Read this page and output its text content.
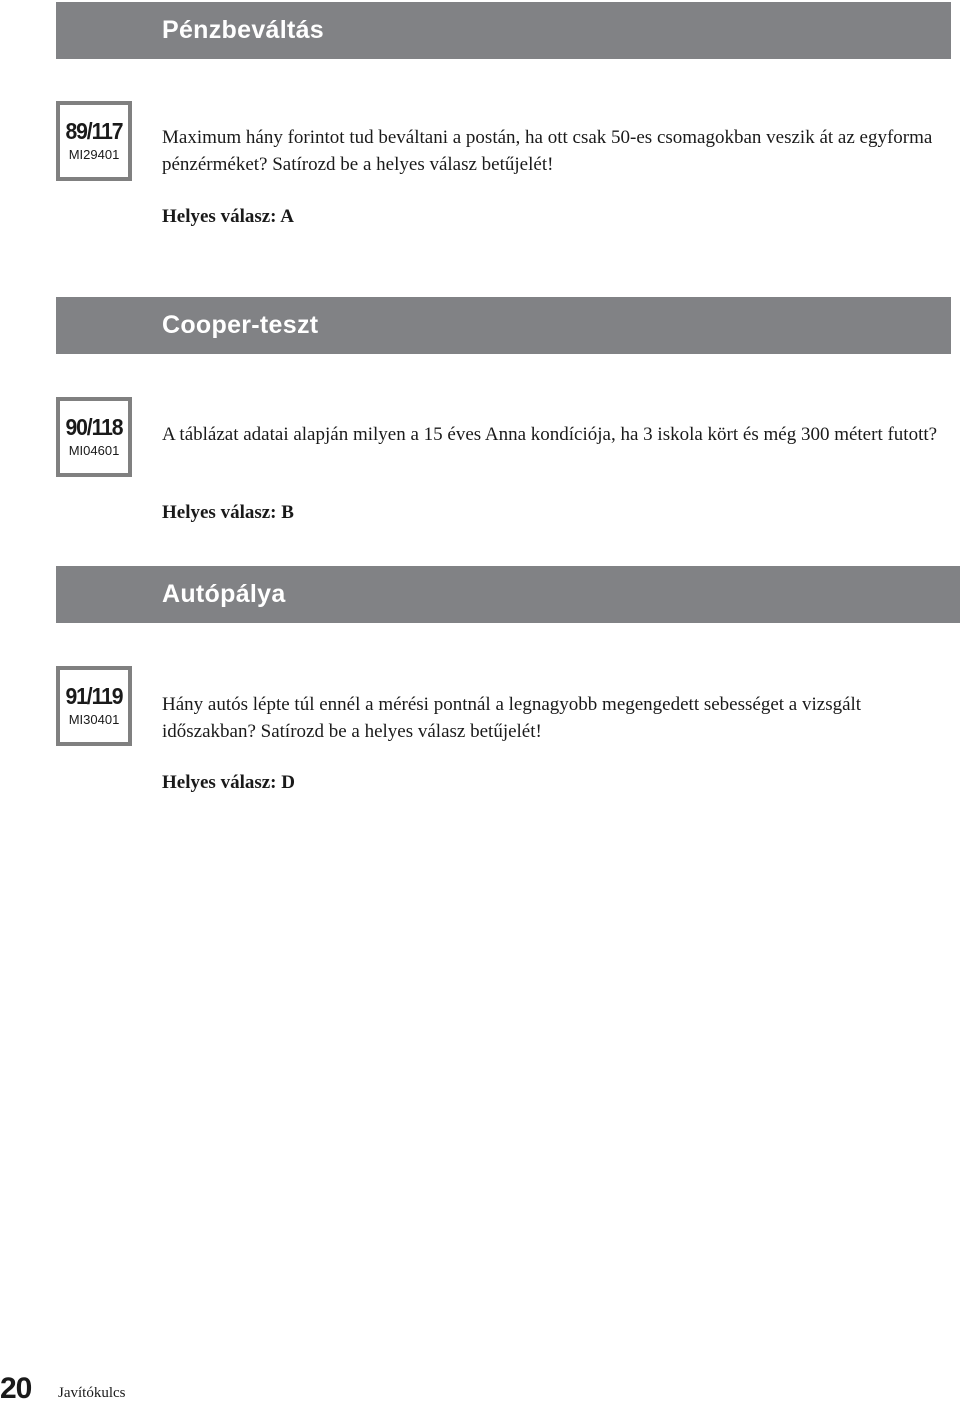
Pénzbeváltás
89/117
MI29401
Maximum hány forintot tud beváltani a postán, ha ott csak 50-es csomagokban veszik át az egyforma pénzérméket? Satírozd be a helyes válasz betűjelét!
Helyes válasz: A
Cooper-teszt
90/118
MI04601
A táblázat adatai alapján milyen a 15 éves Anna kondíciója, ha 3 iskola kört és még 300 métert futott?
Helyes válasz: B
Autópálya
91/119
MI30401
Hány autós lépte túl ennél a mérési pontnál a legnagyobb megengedett sebességet a vizsgált időszakban? Satírozd be a helyes válasz betűjelét!
Helyes válasz: D
20 Javítókulcs
